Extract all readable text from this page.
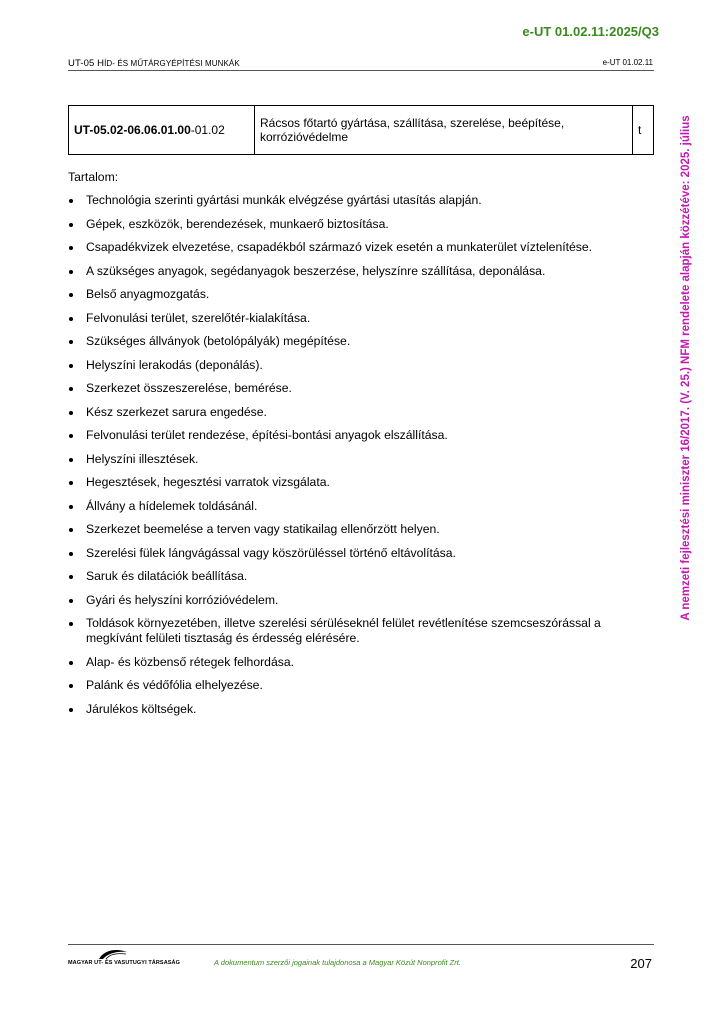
e-UT 01.02.11:2025/Q3
UT-05 HÍD- ÉS MŰTÁRGYÉPÍTÉSI MUNKÁK	e-UT 01.02.11
UT-05.02-06.06.01.00-01.02	Rácsos főtartó gyártása, szállítása, szerelése, beépítése, korrózióvédelme	t

Tartalom:

Technológia szerinti gyártási munkák elvégzése gyártási utasítás alapján.
Gépek, eszközök, berendezések, munkaerő biztosítása.
Csapadékvizek elvezetése, csapadékból származó vizek esetén a munkaterület víztelenítése.
A szükséges anyagok, segédanyagok beszerzése, helyszínre szállítása, deponálása.
Belső anyagmozgatás.
Felvonulási terület, szerelőtér-kialakítása.
Szükséges állványok (betolópályák) megépítése.
Helyszíni lerakodás (deponálás).
Szerkezet összeszerelése, bemérése.
Kész szerkezet sarura engedése.
Felvonulási terület rendezése, építési-bontási anyagok elszállítása.
Helyszíni illesztések.
Hegesztések, hegesztési varratok vizsgálata.
Állvány a hídelemek toldásánál.
Szerkezet beemelése a terven vagy statikailag ellenőrzött helyen.
Szerelési fülek lángvágással vagy köszörüléssel történő eltávolítása.
Saruk és dilatációk beállítása.
Gyári és helyszíni korrózióvédelem.
Toldások környezetében, illetve szerelési sérüléseknél felület revétlenítése szemcseszórással a megkívánt felületi tisztaság és érdesség elérésére.
Alap- és közbenső rétegek felhordása.
Palánk és védőfólia elhelyezése.
Járulékos költségek.
A nemzeti fejlesztési miniszter 16/2017. (V. 25.) NFM rendelete alapján közzétéve: 2025. július
MAGYAR UT- ÉS VASUTUGYI TÁRSASÁG	A dokumentum szerzői jogainak tulajdonosa a Magyar Közút Nonprofit Zrt.	207
